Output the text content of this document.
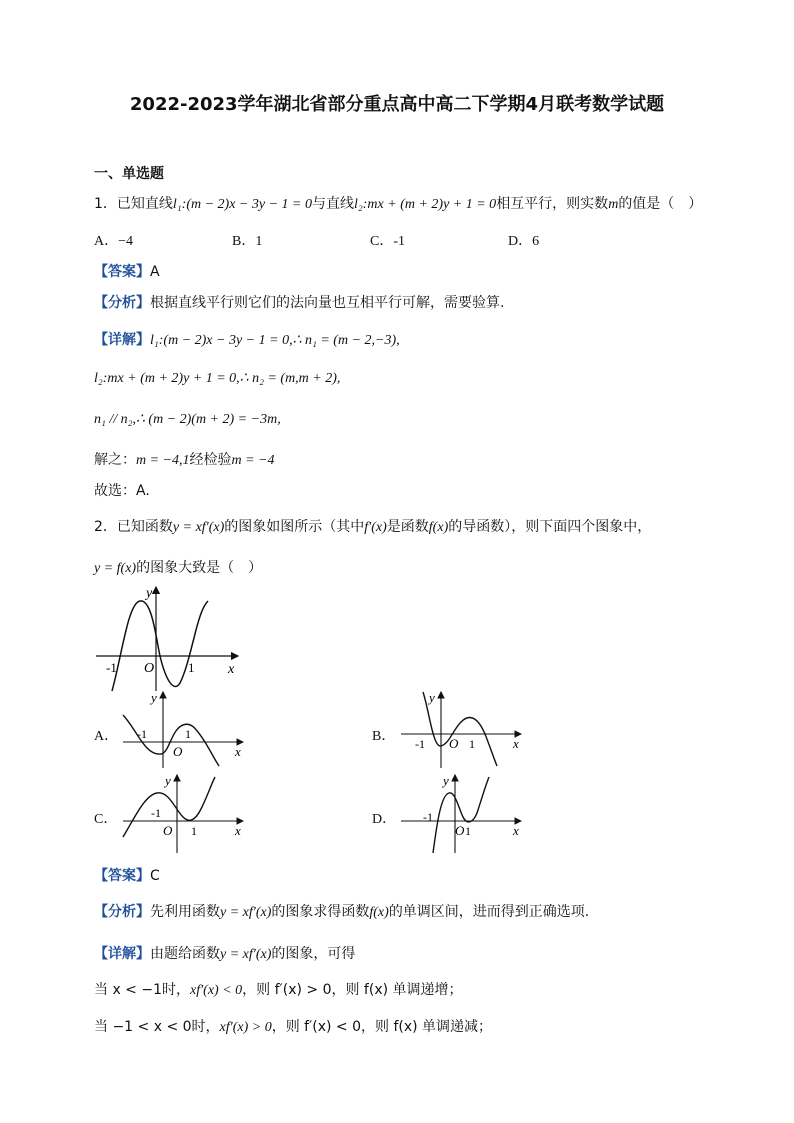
2022-2023学年湖北省部分重点高中高二下学期4月联考数学试题
一、单选题
1．已知直线l₁:(m − 2)x − 3y − 1 = 0与直线l₂:mx + (m + 2)y + 1 = 0相互平行，则实数m的值是（　）
A．−4	B．1	C．-1	D．6
【答案】A
【分析】根据直线平行则它们的法向量也互相平行可解，需要验算.
【详解】l₁:(m − 2)x − 3y − 1 = 0,∴ n₁ = (m − 2,−3),
l₂:mx + (m + 2)y + 1 = 0,∴ n₂ = (m,m + 2),
n₁ // n₂,∴ (m − 2)(m + 2) = −3m,
解之：m = −4,1经检验m = −4
故选：A.
2．已知函数y = xf′(x)的图象如图所示（其中f′(x)是函数f(x)的导函数），则下面四个图象中，
y = f(x)的图象大致是（　）
y
x
O
-1	1
A．
y
x
O
-1	1	B．
y
x
O
-1	1
C．
y
x
O
-1
1
D．
y
x
O
-1
1
【答案】C
【分析】先利用函数y = xf′(x)的图象求得函数f(x)的单调区间，进而得到正确选项.
【详解】由题给函数y = xf′(x)的图象，可得
当 x < −1时，xf′(x) < 0，则 f′(x) > 0，则 f(x) 单调递增；
当 −1 < x < 0时，xf′(x) > 0，则 f′(x) < 0，则 f(x) 单调递减；
